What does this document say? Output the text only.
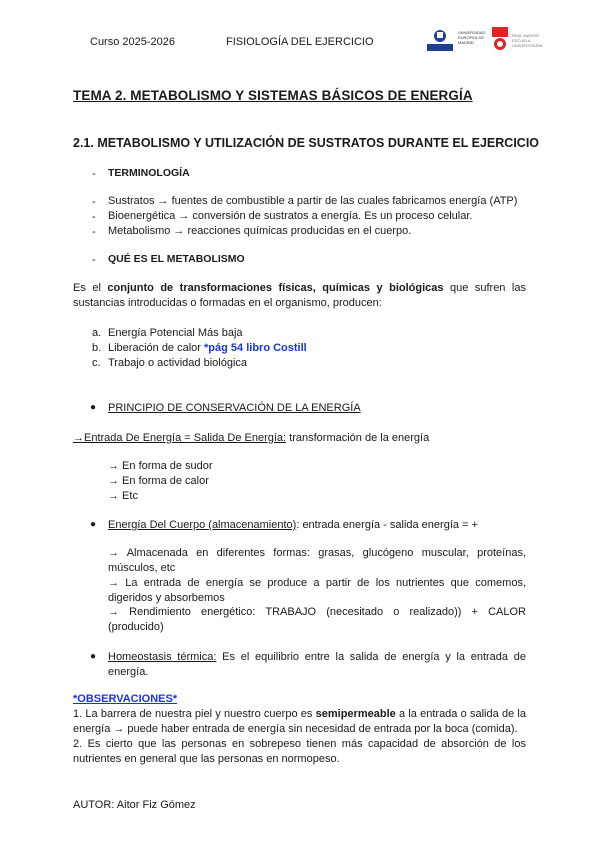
Curso 2025-2026	FISIOLOGÍA DEL EJERCICIO
UNIVERSIDAD EUROPEA DE MADRID
REAL MADRID ESCUELA UNIVERSITARIA
TEMA 2. METABOLISMO Y SISTEMAS BÁSICOS DE ENERGÍA
2.1. METABOLISMO Y UTILIZACIÓN DE SUSTRATOS DURANTE EL EJERCICIO
- TERMINOLOGÍA
- Sustratos → fuentes de combustible a partir de las cuales fabricamos energía (ATP)
- Bioenergética → conversión de sustratos a energía. Es un proceso celular.
- Metabolismo → reacciones químicas producidas en el cuerpo.
- QUÉ ES EL METABOLISMO
Es el conjunto de transformaciones físicas, químicas y biológicas que sufren las sustancias introducidas o formadas en el organismo, producen:
a. Energía Potencial Más baja
b. Liberación de calor *pág 54 libro Costill
c. Trabajo o actividad biológica
● PRINCIPIO DE CONSERVACIÓN DE LA ENERGÍA
→Entrada De Energía = Salida De Energía: transformación de la energía
→ En forma de sudor
→ En forma de calor
→ Etc
● Energía Del Cuerpo (almacenamiento): entrada energía - salida energía = +
→ Almacenada en diferentes formas: grasas, glucógeno muscular, proteínas, músculos, etc
→ La entrada de energía se produce a partir de los nutrientes que comemos, digeridos y absorbemos
→ Rendimiento energético: TRABAJO (necesitado o realizado)) + CALOR (producido)
● Homeostasis térmica: Es el equilibrio entre la salida de energía y la entrada de energía.
*OBSERVACIONES*
1. La barrera de nuestra piel y nuestro cuerpo es semipermeable a la entrada o salida de la energía → puede haber entrada de energía sin necesidad de entrada por la boca (comida).
2. Es cierto que las personas en sobrepeso tienen más capacidad de absorción de los nutrientes en general que las personas en normopeso.
AUTOR: Aitor Fiz Gómez
